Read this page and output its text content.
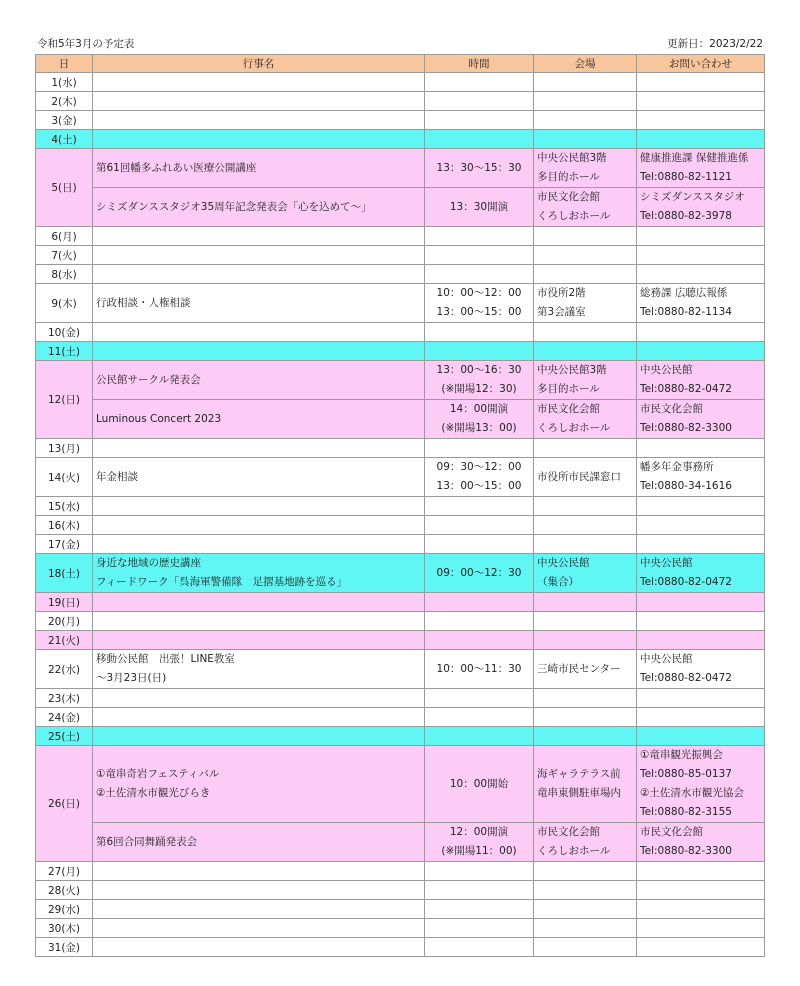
令和5年3月の予定表	更新日：2023/2/22
日	行事名	時間	会場	お問い合わせ
1(水)				
2(木)				
3(金)				
4(土)				
5(日)	第61回幡多ふれあい医療公開講座	13：30～15：30	中央公民館3階
多目的ホール	健康推進課 保健推進係
Tel:0880-82-1121

	シミズダンススタジオ35周年記念発表会「心を込めて～」	13：30開演	市民文化会館
くろしおホール	シミズダンススタジオ
Tel:0880-82-3978

6(月)				
7(火)				
8(水)				
9(木)	行政相談・人権相談	10：00～12：00
13：00～15：00	市役所2階
第3会議室	総務課 広聴広報係
Tel:0880-82-1134

10(金)				
11(土)				
12(日)	公民館サークル発表会	13：00～16：30
(※開場12：30)	中央公民館3階
多目的ホール	中央公民館
Tel:0880-82-0472

	Luminous Concert 2023	14：00開演
(※開場13：00)	市民文化会館
くろしおホール	市民文化会館
Tel:0880-82-3300

13(月)				
14(火)	年金相談	09：30～12：00
13：00～15：00	市役所市民課窓口	幡多年金事務所
Tel:0880-34-1616

15(水)				
16(木)				
17(金)				
18(土)	身近な地域の歴史講座
フィードワーク「呉海軍警備隊　足摺基地跡を巡る」	09：00～12：30	中央公民館
（集合）	中央公民館
Tel:0880-82-0472

19(日)				
20(月)				
21(火)				
22(水)	移動公民館　出張！LINE教室
～3月23日(日)	10：00～11：30	三崎市民センター	中央公民館
Tel:0880-82-0472

23(木)				
24(金)				
25(土)				
26(日)	①竜串奇岩フェスティバル
②土佐清水市観光びらき	10：00開始	海ギャラテラス前
竜串東側駐車場内	①竜串観光振興会
Tel:0880-85-0137
②土佐清水市観光協会
Tel:0880-82-3155

	第6回合同舞踊発表会	12：00開演
(※開場11：00)	市民文化会館
くろしおホール	市民文化会館
Tel:0880-82-3300

27(月)				
28(火)				
29(水)				
30(木)				
31(金)				
